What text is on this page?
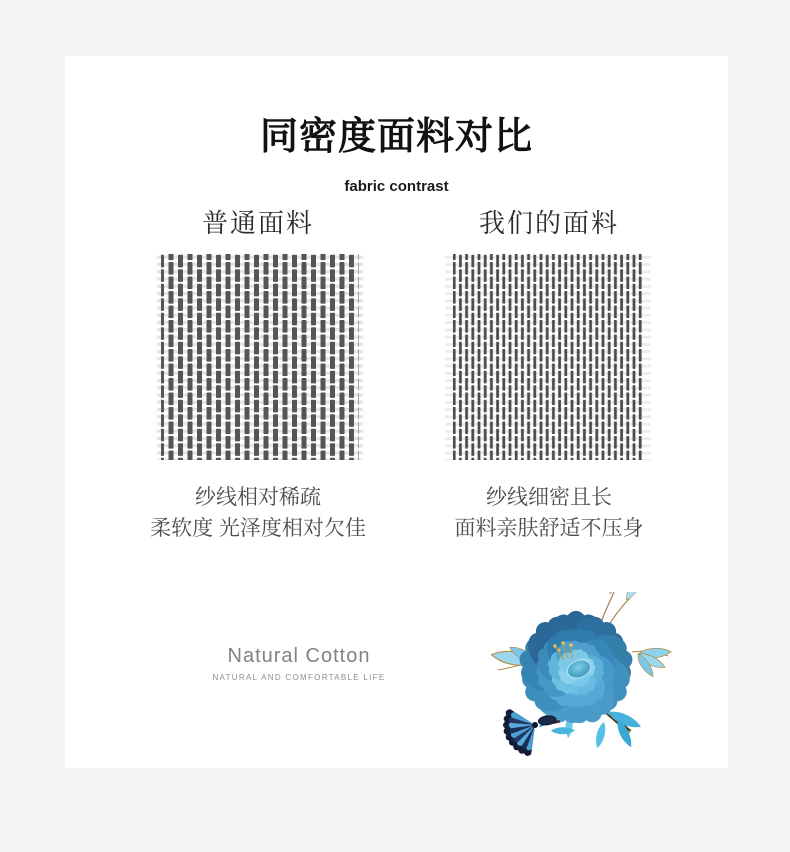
同密度面料对比
fabric contrast
普通面料	我们的面料
纱线相对稀疏
柔软度 光泽度相对欠佳
纱线细密且长
面料亲肤舒适不压身
Natural Cotton
NATURAL AND COMFORTABLE LIFE
